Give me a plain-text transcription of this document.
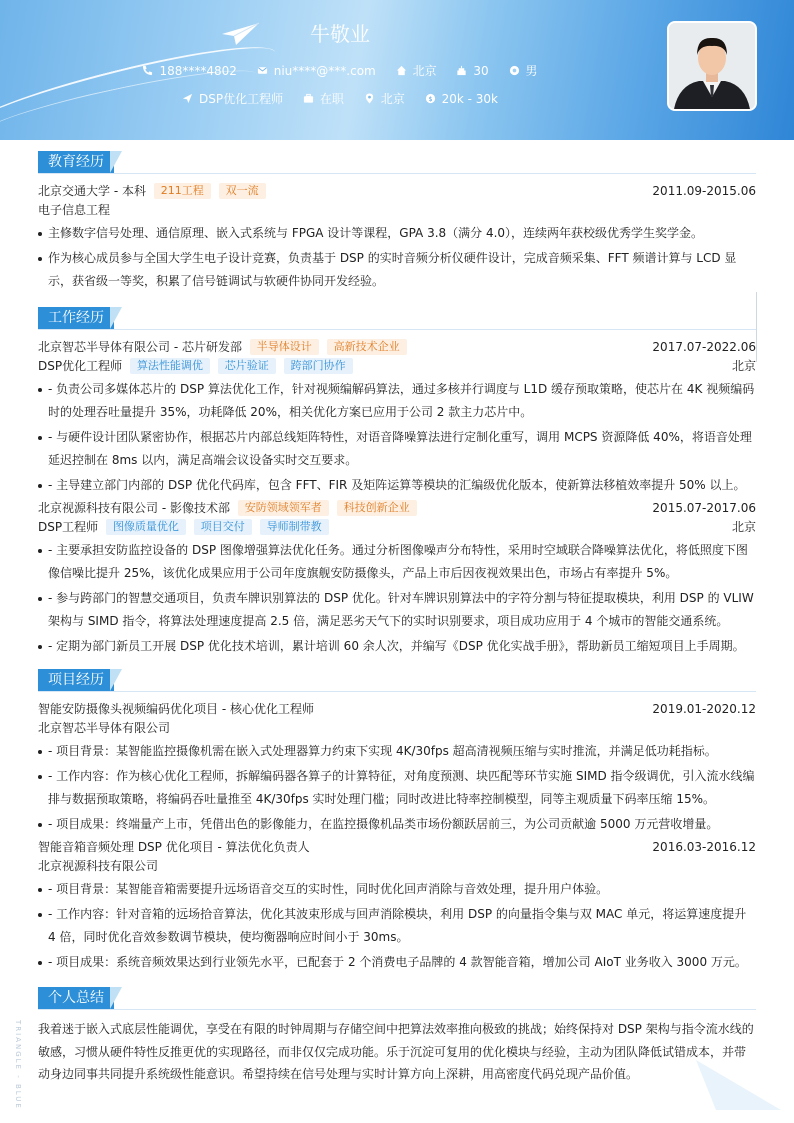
牛敬业
188****4802	niu****@***.com	北京	30	男
DSP优化工程师	在职	北京	$ 20k - 30k
教育经历
北京交通大学 - 本科 211工程 双一流	2011.09-2015.06
电子信息工程
主修数字信号处理、通信原理、嵌入式系统与 FPGA 设计等课程，GPA 3.8（满分 4.0），连续两年获校级优秀学生奖学金。
作为核心成员参与全国大学生电子设计竞赛，负责基于 DSP 的实时音频分析仪硬件设计，完成音频采集、FFT 频谱计算与 LCD 显示，获省级一等奖，积累了信号链调试与软硬件协同开发经验。
工作经历
北京智芯半导体有限公司 - 芯片研发部 半导体设计 高新技术企业	2017.07-2022.06
DSP优化工程师 算法性能调优 芯片验证 跨部门协作	北京
- 负责公司多媒体芯片的 DSP 算法优化工作，针对视频编解码算法，通过多核并行调度与 L1D 缓存预取策略，使芯片在 4K 视频编码时的处理吞吐量提升 35%，功耗降低 20%，相关优化方案已应用于公司 2 款主力芯片中。
- 与硬件设计团队紧密协作，根据芯片内部总线矩阵特性，对语音降噪算法进行定制化重写，调用 MCPS 资源降低 40%，将语音处理延迟控制在 8ms 以内，满足高端会议设备实时交互要求。
- 主导建立部门内部的 DSP 优化代码库，包含 FFT、FIR 及矩阵运算等模块的汇编级优化版本，使新算法移植效率提升 50% 以上。
北京视源科技有限公司 - 影像技术部 安防领域领军者 科技创新企业	2015.07-2017.06
DSP工程师 图像质量优化 项目交付 导师制带教	北京
- 主要承担安防监控设备的 DSP 图像增强算法优化任务。通过分析图像噪声分布特性，采用时空域联合降噪算法优化，将低照度下图像信噪比提升 25%，该优化成果应用于公司年度旗舰安防摄像头，产品上市后因夜视效果出色，市场占有率提升 5%。
- 参与跨部门的智慧交通项目，负责车牌识别算法的 DSP 优化。针对车牌识别算法中的字符分割与特征提取模块，利用 DSP 的 VLIW 架构与 SIMD 指令，将算法处理速度提高 2.5 倍，满足恶劣天气下的实时识别要求，项目成功应用于 4 个城市的智能交通系统。
- 定期为部门新员工开展 DSP 优化技术培训，累计培训 60 余人次，并编写《DSP 优化实战手册》，帮助新员工缩短项目上手周期。
项目经历
智能安防摄像头视频编码优化项目 - 核心优化工程师	2019.01-2020.12
北京智芯半导体有限公司
- 项目背景：某智能监控摄像机需在嵌入式处理器算力约束下实现 4K/30fps 超高清视频压缩与实时推流，并满足低功耗指标。
- 工作内容：作为核心优化工程师，拆解编码器各算子的计算特征，对角度预测、块匹配等环节实施 SIMD 指令级调优，引入流水线编排与数据预取策略，将编码吞吐量推至 4K/30fps 实时处理门槛；同时改进比特率控制模型，同等主观质量下码率压缩 15%。
- 项目成果：终端量产上市，凭借出色的影像能力，在监控摄像机品类市场份额跃居前三，为公司贡献逾 5000 万元营收增量。
智能音箱音频处理 DSP 优化项目 - 算法优化负责人	2016.03-2016.12
北京视源科技有限公司
- 项目背景：某智能音箱需要提升远场语音交互的实时性，同时优化回声消除与音效处理，提升用户体验。
- 工作内容：针对音箱的远场拾音算法，优化其波束形成与回声消除模块，利用 DSP 的向量指令集与双 MAC 单元，将运算速度提升 4 倍，同时优化音效参数调节模块，使均衡器响应时间小于 30ms。
- 项目成果：系统音频效果达到行业领先水平，已配套于 2 个消费电子品牌的 4 款智能音箱，增加公司 AIoT 业务收入 3000 万元。
个人总结
我着迷于嵌入式底层性能调优，享受在有限的时钟周期与存储空间中把算法效率推向极致的挑战；始终保持对 DSP 架构与指令流水线的敏感，习惯从硬件特性反推更优的实现路径，而非仅仅完成功能。乐于沉淀可复用的优化模块与经验，主动为团队降低试错成本，并带动身边同事共同提升系统级性能意识。希望持续在信号处理与实时计算方向上深耕，用高密度代码兑现产品价值。
TRIANGLE - BLUE
